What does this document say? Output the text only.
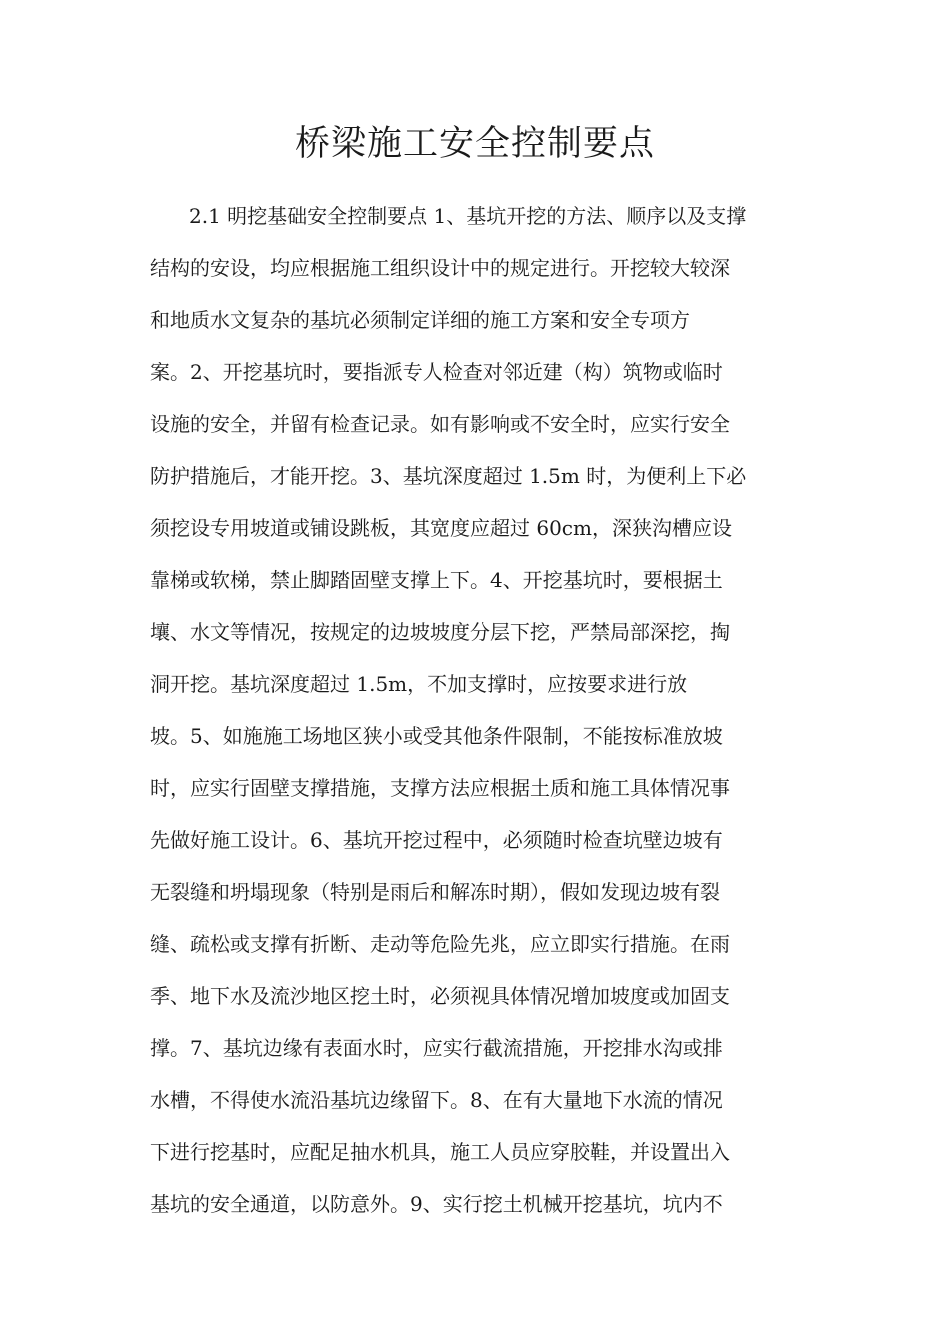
桥梁施工安全控制要点
2.1 明挖基础安全控制要点 1、基坑开挖的方法、顺序以及支撑
结构的安设，均应根据施工组织设计中的规定进行。开挖较大较深
和地质水文复杂的基坑必须制定详细的施工方案和安全专项方
案。2、开挖基坑时，要指派专人检查对邻近建（构）筑物或临时
设施的安全，并留有检查记录。如有影响或不安全时，应实行安全
防护措施后，才能开挖。3、基坑深度超过 1.5m 时，为便利上下必
须挖设专用坡道或铺设跳板，其宽度应超过 60cm，深狭沟槽应设
靠梯或软梯，禁止脚踏固壁支撑上下。4、开挖基坑时，要根据土
壤、水文等情况，按规定的边坡坡度分层下挖，严禁局部深挖，掏
洞开挖。基坑深度超过 1.5m，不加支撑时，应按要求进行放
坡。5、如施施工场地区狭小或受其他条件限制，不能按标准放坡
时，应实行固壁支撑措施，支撑方法应根据土质和施工具体情况事
先做好施工设计。6、基坑开挖过程中，必须随时检查坑壁边坡有
无裂缝和坍塌现象（特别是雨后和解冻时期），假如发现边坡有裂
缝、疏松或支撑有折断、走动等危险先兆，应立即实行措施。在雨
季、地下水及流沙地区挖土时，必须视具体情况增加坡度或加固支
撑。7、基坑边缘有表面水时，应实行截流措施，开挖排水沟或排
水槽，不得使水流沿基坑边缘留下。8、在有大量地下水流的情况
下进行挖基时，应配足抽水机具，施工人员应穿胶鞋，并设置出入
基坑的安全通道，以防意外。9、实行挖土机械开挖基坑，坑内不
